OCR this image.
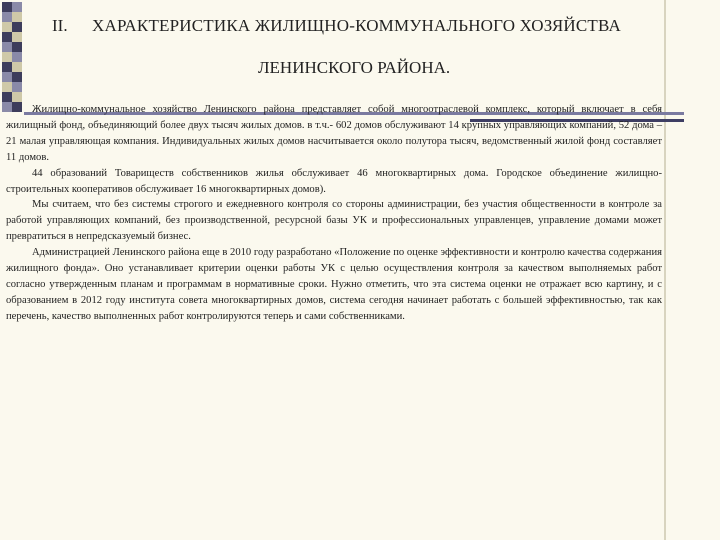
II. ХАРАКТЕРИСТИКА ЖИЛИЩНО-КОММУНАЛЬНОГО ХОЗЯЙСТВА
ЛЕНИНСКОГО РАЙОНА.

Жилищно-коммунальное хозяйство Ленинского района представляет собой многоотраслевой комплекс, который включает в себя жилищный фонд, объединяющий более двух тысяч жилых домов. в т.ч.- 602 домов обслуживают 14 крупных управляющих компаний, 52 дома – 21 малая управляющая компания. Индивидуальных жилых домов насчитывается около полутора тысяч, ведомственный жилой фонд составляет 11 домов.

44 образований Товариществ собственников жилья обслуживает 46 многоквартирных дома. Городское объединение жилищно-строительных кооперативов обслуживает 16 многоквартирных домов).

Мы считаем, что без системы строгого и ежедневного контроля со стороны администрации, без участия общественности в контроле за работой управляющих компаний, без производственной, ресурсной базы УК и профессиональных управленцев, управление домами может превратиться в непредсказуемый бизнес.

Администрацией Ленинского района еще в 2010 году разработано «Положение по оценке эффективности и контролю качества содержания жилищного фонда». Оно устанавливает критерии оценки работы УК с целью осуществления контроля за качеством выполняемых работ согласно утвержденным планам и программам в нормативные сроки. Нужно отметить, что эта система оценки не отражает всю картину, и с образованием в 2012 году института совета многоквартирных домов, система сегодня начинает работать с большей эффективностью, так как перечень, качество выполненных работ контролируются теперь и сами собственниками.
